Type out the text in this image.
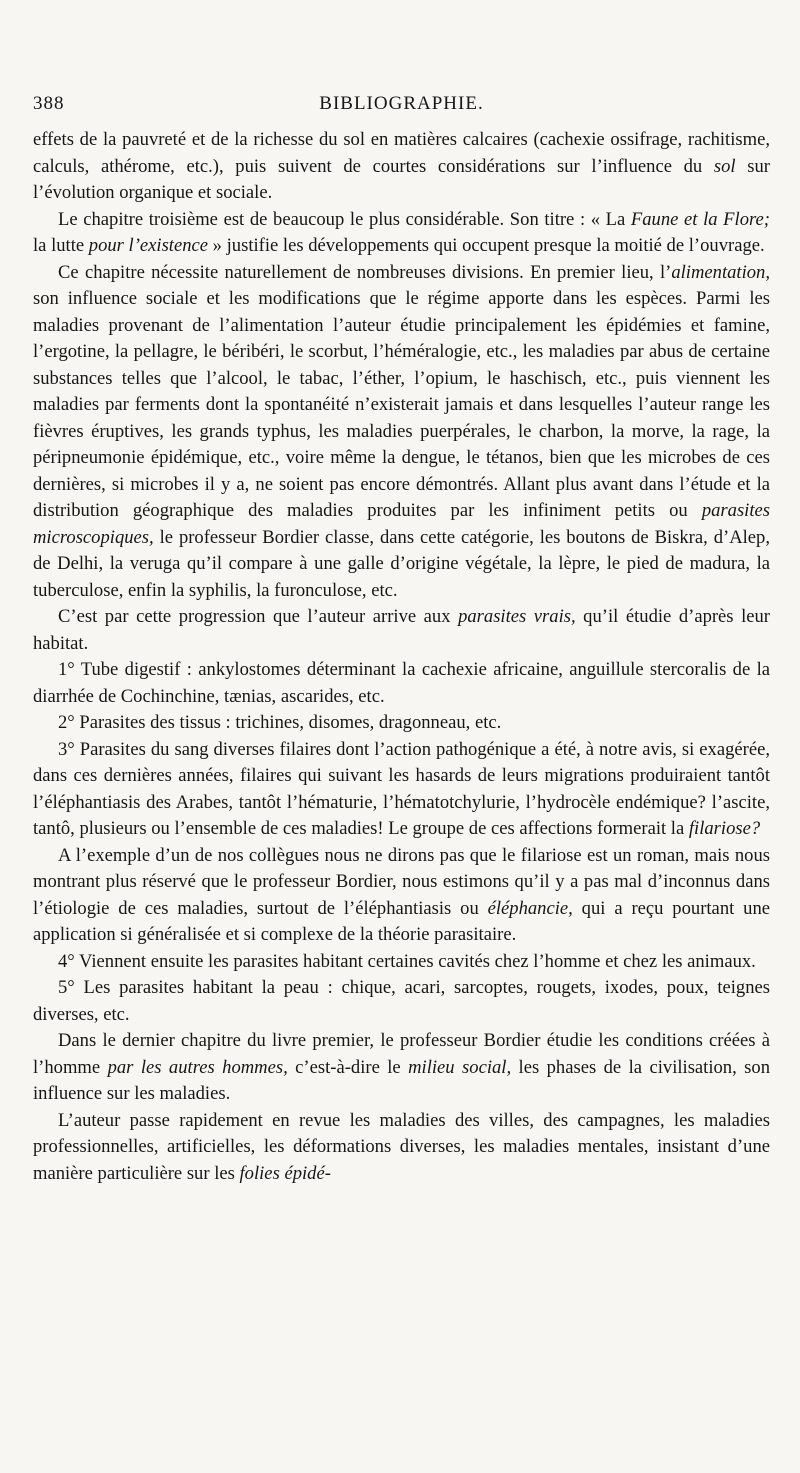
388	BIBLIOGRAPHIE.

effets de la pauvreté et de la richesse du sol en matières calcaires (cachexie ossifrage, rachitisme, calculs, athérome, etc.), puis suivent de courtes considérations sur l’influence du sol sur l’évolution organique et sociale.

Le chapitre troisième est de beaucoup le plus considérable. Son titre : « La Faune et la Flore; la lutte pour l’existence » justifie les développements qui occupent presque la moitié de l’ouvrage.

Ce chapitre nécessite naturellement de nombreuses divisions. En premier lieu, l’alimentation, son influence sociale et les modifications que le régime apporte dans les espèces. Parmi les maladies provenant de l’alimentation l’auteur étudie principalement les épidémies et famine, l’ergotine, la pellagre, le béribéri, le scorbut, l’héméralogie, etc., les maladies par abus de certaine substances telles que l’alcool, le tabac, l’éther, l’opium, le haschisch, etc., puis viennent les maladies par ferments dont la spontanéité n’existerait jamais et dans lesquelles l’auteur range les fièvres éruptives, les grands typhus, les maladies puerpérales, le charbon, la morve, la rage, la péripneumonie épidémique, etc., voire même la dengue, le tétanos, bien que les microbes de ces dernières, si microbes il y a, ne soient pas encore démontrés. Allant plus avant dans l’étude et la distribution géographique des maladies produites par les infiniment petits ou parasites microscopiques, le professeur Bordier classe, dans cette catégorie, les boutons de Biskra, d’Alep, de Delhi, la veruga qu’il compare à une galle d’origine végétale, la lèpre, le pied de madura, la tuberculose, enfin la syphilis, la furonculose, etc.

C’est par cette progression que l’auteur arrive aux parasites vrais, qu’il étudie d’après leur habitat.

1° Tube digestif : ankylostomes déterminant la cachexie africaine, anguillule stercoralis de la diarrhée de Cochinchine, tænias, ascarides, etc.

2° Parasites des tissus : trichines, disomes, dragonneau, etc.

3° Parasites du sang diverses filaires dont l’action pathogénique a été, à notre avis, si exagérée, dans ces dernières années, filaires qui suivant les hasards de leurs migrations produiraient tantôt l’éléphantiasis des Arabes, tantôt l’hématurie, l’hématotchylurie, l’hydrocèle endémique? l’ascite, tantô, plusieurs ou l’ensemble de ces maladies! Le groupe de ces affections formerait la filariose?

A l’exemple d’un de nos collègues nous ne dirons pas que le filariose est un roman, mais nous montrant plus réservé que le professeur Bordier, nous estimons qu’il y a pas mal d’inconnus dans l’étiologie de ces maladies, surtout de l’éléphantiasis ou éléphancie, qui a reçu pourtant une application si généralisée et si complexe de la théorie parasitaire.

4° Viennent ensuite les parasites habitant certaines cavités chez l’homme et chez les animaux.

5° Les parasites habitant la peau : chique, acari, sarcoptes, rougets, ixodes, poux, teignes diverses, etc.

Dans le dernier chapitre du livre premier, le professeur Bordier étudie les conditions créées à l’homme par les autres hommes, c’est-à-dire le milieu social, les phases de la civilisation, son influence sur les maladies.

L’auteur passe rapidement en revue les maladies des villes, des campagnes, les maladies professionnelles, artificielles, les déformations diverses, les maladies mentales, insistant d’une manière particulière sur les folies épidé-
